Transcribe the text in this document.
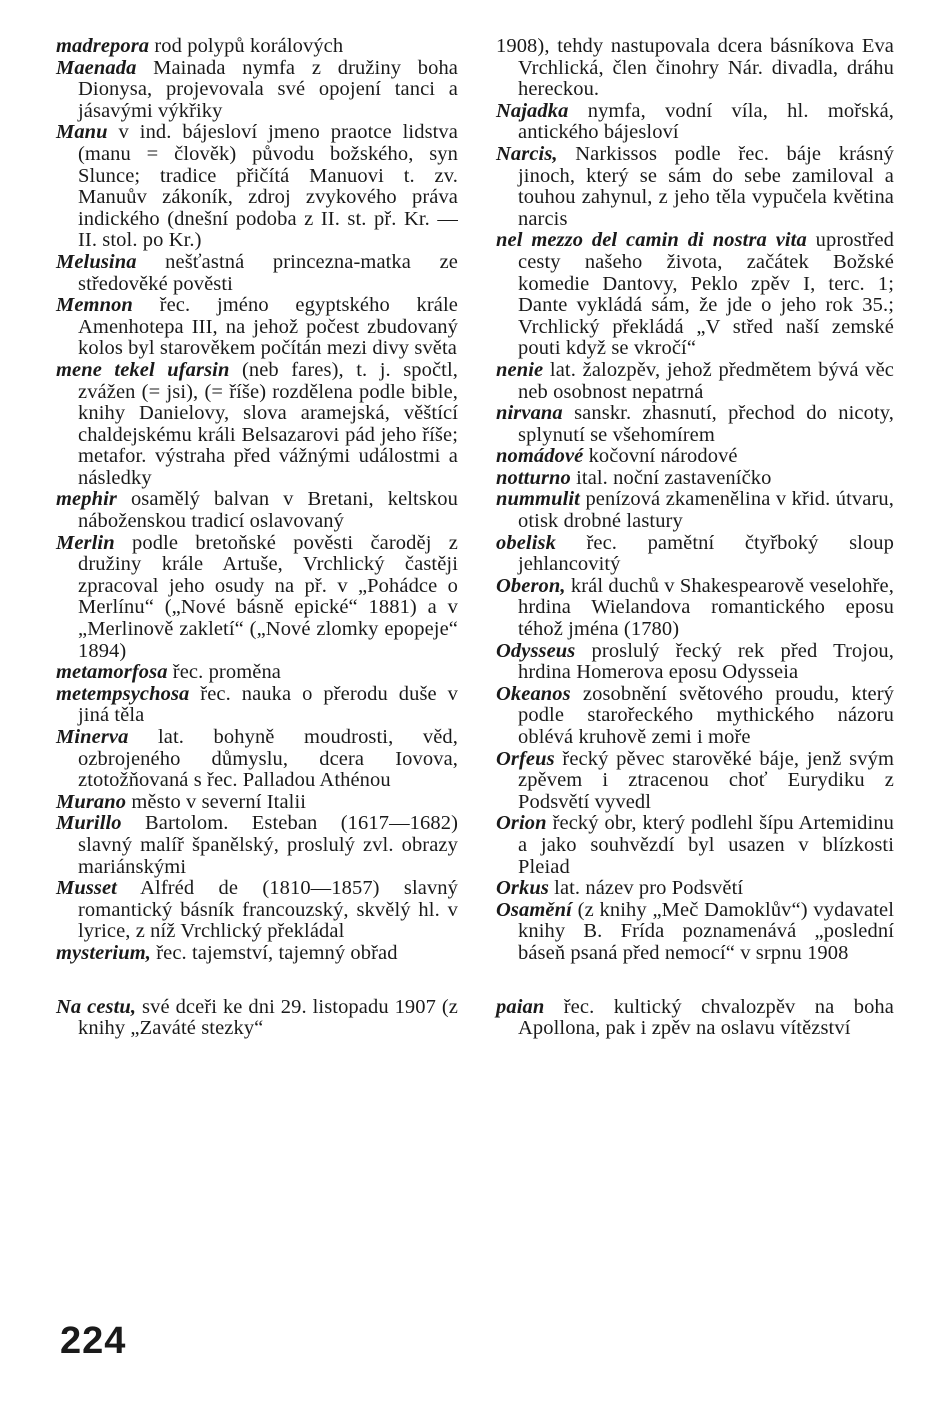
madrepora rod polypů korálových
Maenada Mainada nymfa z družiny boha Dionysa, projevovala své opojení tanci a jásavými výkřiky
Manu v ind. bájesloví jmeno praotce lidstva (manu = člověk) původu božského, syn Slunce; tradice přičítá Manuovi t. zv. Manuův zákoník, zdroj zvykového práva indického (dnešní podoba z II. st. př. Kr. — II. stol. po Kr.)
Melusina nešťastná princezna-matka ze středověké pověsti
Memnon řec. jméno egyptského krále Amenhotepa III, na jehož počest zbudovaný kolos byl starověkem počítán mezi divy světa
mene tekel ufarsin (neb fares), t. j. spočtl, zvážen (= jsi), (= říše) rozdělena podle bible, knihy Danielovy, slova aramejská, věštící chaldejskému králi Belsazarovi pád jeho říše; metafor. výstraha před vážnými událostmi a následky
mephir osamělý balvan v Bretani, keltskou náboženskou tradicí oslavovaný
Merlin podle bretoňské pověsti čaroděj z družiny krále Artuše, Vrchlický častěji zpracoval jeho osudy na př. v „Pohádce o Merlínu“ („Nové básně epické“ 1881) a v „Merlinově zakletí“ („Nové zlomky epopeje“ 1894)
metamorfosa řec. proměna
metempsychosa řec. nauka o přerodu duše v jiná těla
Minerva lat. bohyně moudrosti, věd, ozbrojeného důmyslu, dcera Iovova, ztotožňovaná s řec. Palladou Athénou
Murano město v severní Italii
Murillo Bartolom. Esteban (1617—1682) slavný malíř španělský, proslulý zvl. obrazy mariánskými
Musset Alfréd de (1810—1857) slavný romantický básník francouzský, skvělý hl. v lyrice, z níž Vrchlický překládal
mysterium, řec. tajemství, tajemný obřad
Na cestu, své dceři ke dni 29. listopadu 1907 (z knihy „Zaváté stezky“
1908), tehdy nastupovala dcera básníkova Eva Vrchlická, člen činohry Nár. divadla, dráhu hereckou.
Najadka nymfa, vodní víla, hl. mořská, antického bájesloví
Narcis, Narkissos podle řec. báje krásný jinoch, který se sám do sebe zamiloval a touhou zahynul, z jeho těla vypučela květina narcis
nel mezzo del camin di nostra vita uprostřed cesty našeho života, začátek Božské komedie Dantovy, Peklo zpěv I, terc. 1; Dante vykládá sám, že jde o jeho rok 35.; Vrchlický překládá „V střed naší zemské pouti když se vkročí“
nenie lat. žalozpěv, jehož předmětem bývá věc neb osobnost nepatrná
nirvana sanskr. zhasnutí, přechod do nicoty, splynutí se všehomírem
nomádové kočovní národové
notturno ital. noční zastaveníčko
nummulit penízová zkamenělina v křid. útvaru, otisk drobné lastury
obelisk řec. pamětní čtyřboký sloup jehlancovitý
Oberon, král duchů v Shakespearově veselohře, hrdina Wielandova romantického eposu téhož jména (1780)
Odysseus proslulý řecký rek před Trojou, hrdina Homerova eposu Odysseia
Okeanos zosobnění světového proudu, který podle starořeckého mythického názoru oblévá kruhově zemi i moře
Orfeus řecký pěvec starověké báje, jenž svým zpěvem i ztracenou choť Eurydiku z Podsvětí vyvedl
Orion řecký obr, který podlehl šípu Artemidinu a jako souhvězdí byl usazen v blízkosti Pleiad
Orkus lat. název pro Podsvětí
Osamění (z knihy „Meč Damoklův“) vydavatel knihy B. Frída poznamenává „poslední báseň psaná před nemocí“ v srpnu 1908
paian řec. kultický chvalozpěv na boha Apollona, pak i zpěv na oslavu vítězství
224
